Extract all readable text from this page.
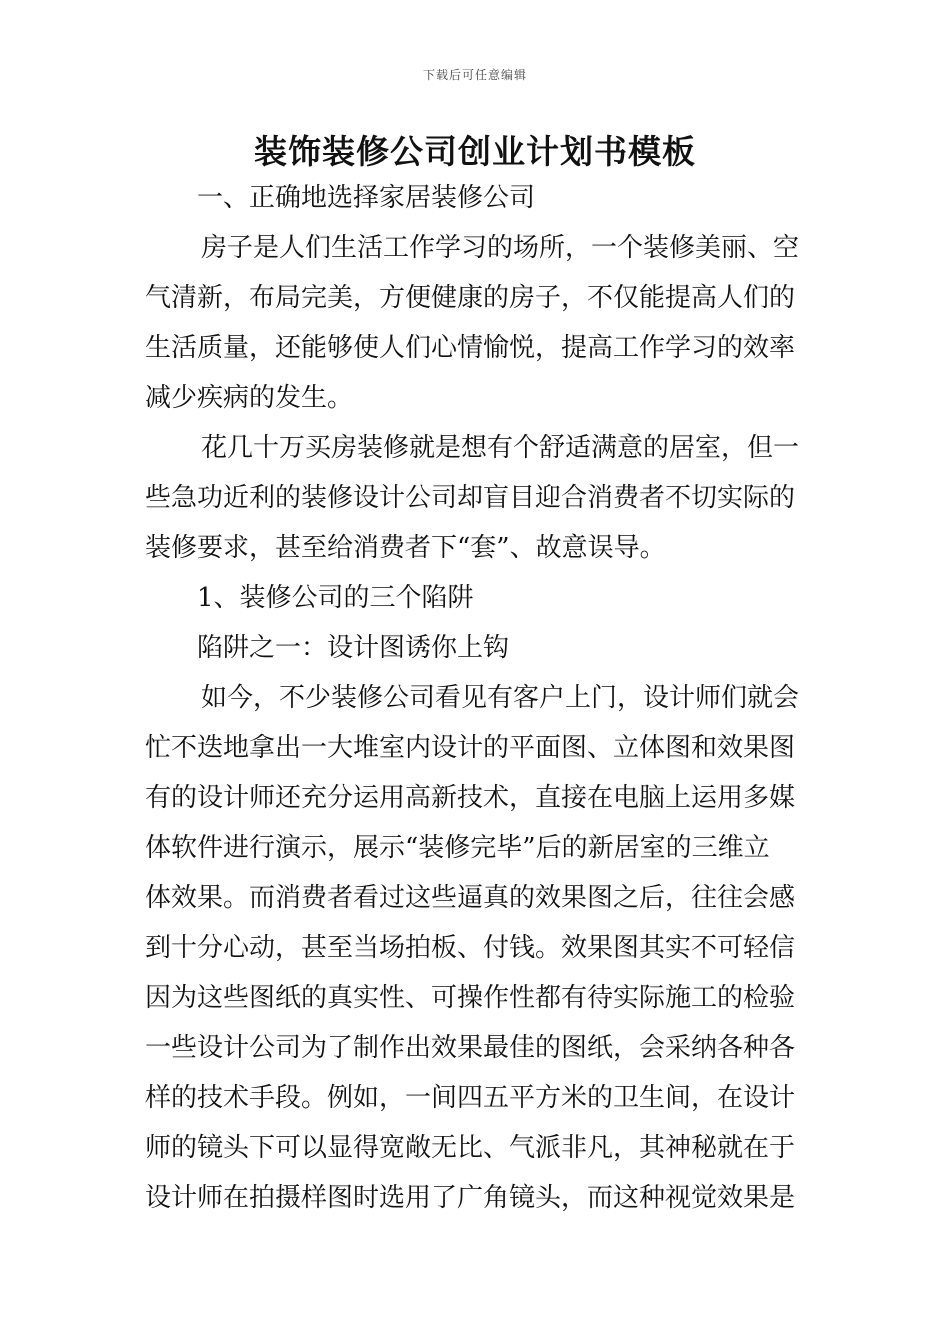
下载后可任意编辑
装饰装修公司创业计划书模板
一、正确地选择家居装修公司
房子是人们生活工作学习的场所，一个装修美丽、空
气清新，布局完美，方便健康的房子，不仅能提高人们的
生活质量，还能够使人们心情愉悦，提高工作学习的效率
减少疾病的发生。
花几十万买房装修就是想有个舒适满意的居室，但一
些急功近利的装修设计公司却盲目迎合消费者不切实际的
装修要求，甚至给消费者下“套”、故意误导。
1、装修公司的三个陷阱
陷阱之一：设计图诱你上钩
如今，不少装修公司看见有客户上门，设计师们就会
忙不迭地拿出一大堆室内设计的平面图、立体图和效果图
有的设计师还充分运用高新技术，直接在电脑上运用多媒
体软件进行演示，展示“装修完毕”后的新居室的三维立
体效果。而消费者看过这些逼真的效果图之后，往往会感
到十分心动，甚至当场拍板、付钱。效果图其实不可轻信
因为这些图纸的真实性、可操作性都有待实际施工的检验
一些设计公司为了制作出效果最佳的图纸，会采纳各种各
样的技术手段。例如，一间四五平方米的卫生间，在设计
师的镜头下可以显得宽敞无比、气派非凡，其神秘就在于
设计师在拍摄样图时选用了广角镜头，而这种视觉效果是
